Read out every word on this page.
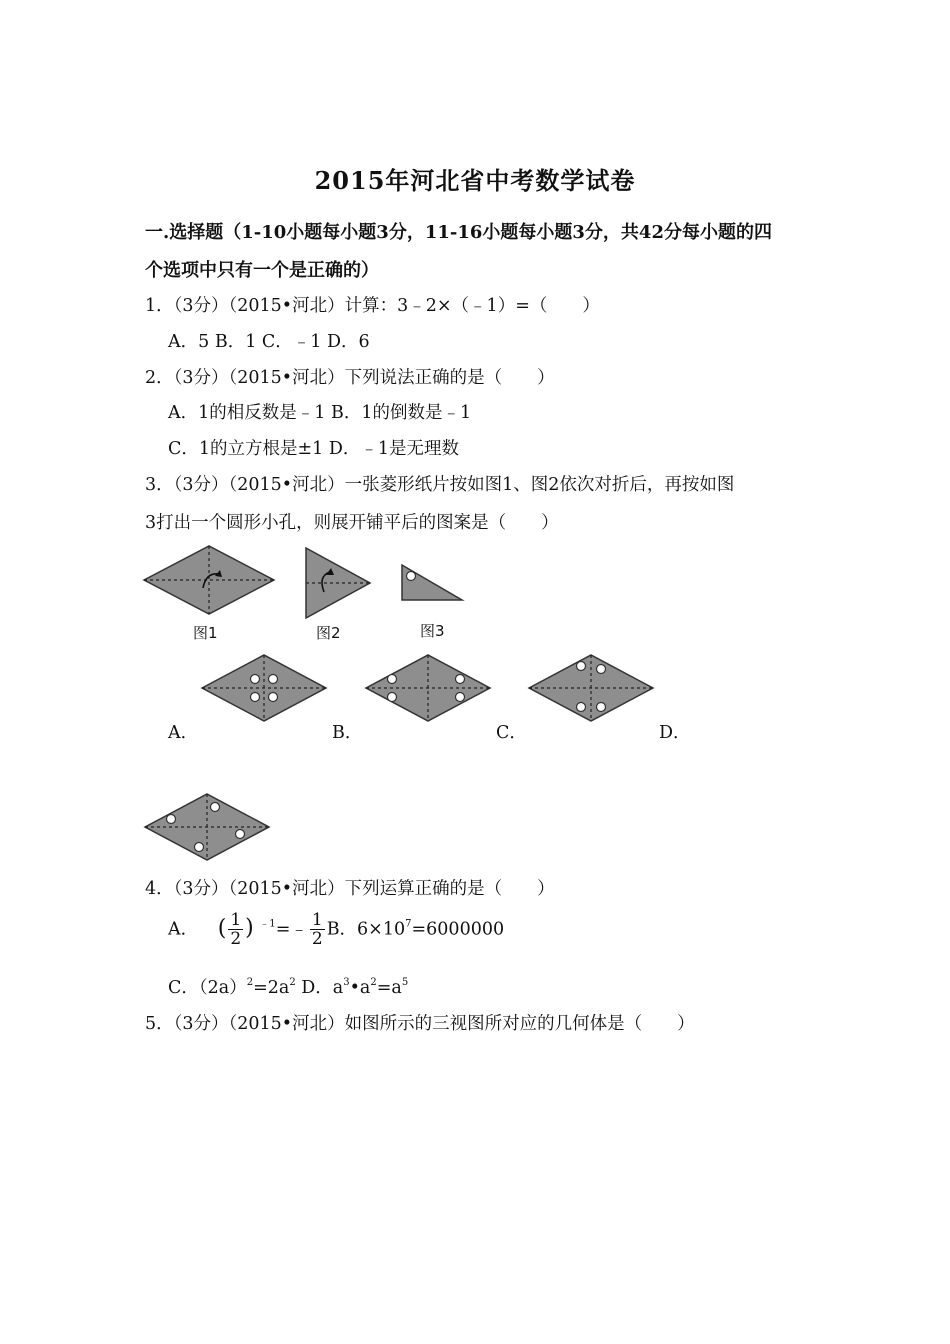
2015年河北省中考数学试卷
一.选择题（1-10小题每小题3分，11-16小题每小题3分，共42分每小题的四
个选项中只有一个是正确的）
1．（3分）（2015•河北）计算：3﹣2×（﹣1）=（　　）
A．5 B．1 C．﹣1 D．6
2．（3分）（2015•河北）下列说法正确的是（　　）
A．1的相反数是﹣1 B．1的倒数是﹣1
C．1的立方根是±1 D．﹣1是无理数
3．（3分）（2015•河北）一张菱形纸片按如图1、图2依次对折后，再按如图
3打出一个圆形小孔，则展开铺平后的图案是（　　）
图1	图2	图3
A．	B．	C．	D．
4．（3分）（2015•河北）下列运算正确的是（　　）
A． ( $\frac{1}{2}$ ) $^{﹣1}$=﹣ $\frac{1}{2}$ B．$6\times 10^7=6000000$
C．$(2a)^2=2a^2$ D．$a^3•a^2=a^5$
5．（3分）（2015•河北）如图所示的三视图所对应的几何体是（　　）
